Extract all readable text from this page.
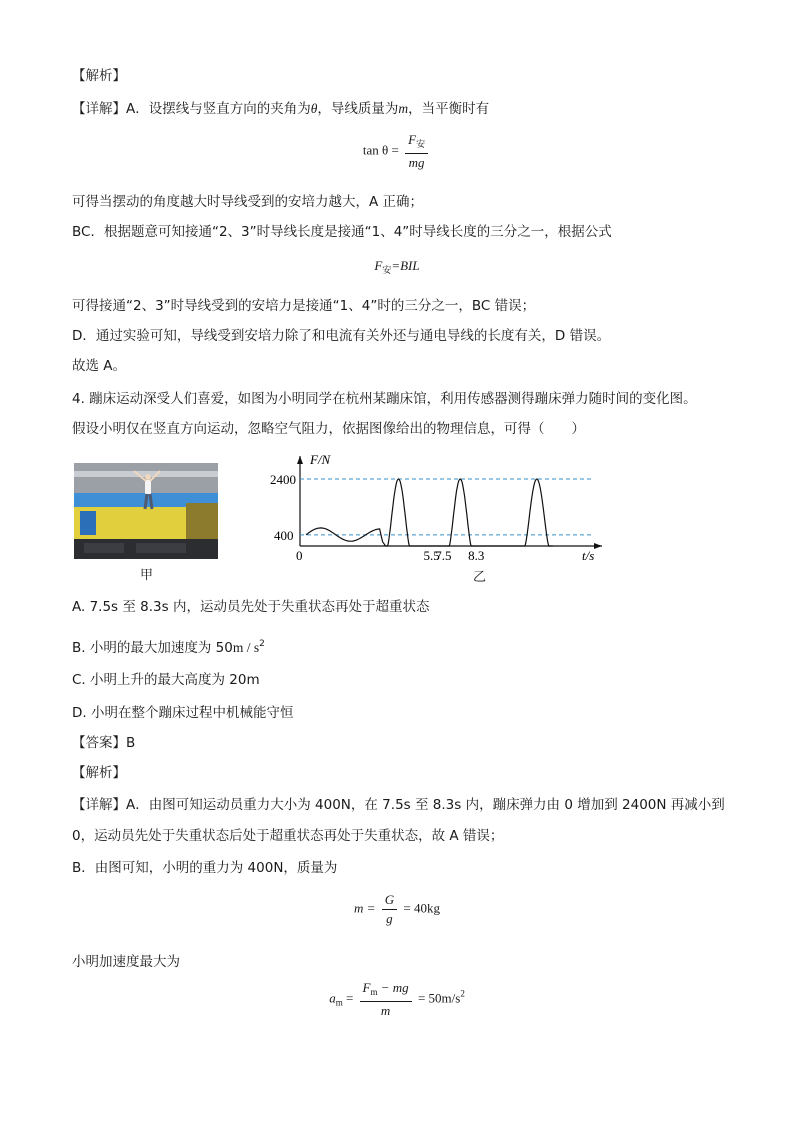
【解析】
【详解】A．设摆线与竖直方向的夹角为θ，导线质量为m，当平衡时有
$\tan \theta = \frac{F_安}{mg}$
可得当摆动的角度越大时导线受到的安培力越大，A 正确；
BC．根据题意可知接通“2、3”时导线长度是接通“1、4”时导线长度的三分之一，根据公式
$F_安=BIL$
可得接通“2、3”时导线受到的安培力是接通“1、4”时的三分之一，BC 错误；
D．通过实验可知，导线受到安培力除了和电流有关外还与通电导线的长度有关，D 错误。
故选 A。
4. 蹦床运动深受人们喜爱，如图为小明同学在杭州某蹦床馆，利用传感器测得蹦床弹力随时间的变化图。
假设小明仅在竖直方向运动，忽略空气阻力，依据图像给出的物理信息，可得（　　）
甲
F/N
t/s
2400
400
0	5.5
7.5 8.3
乙
A. 7.5s 至 8.3s 内，运动员先处于失重状态再处于超重状态
B. 小明的最大加速度为 $50m / s^2$
C. 小明上升的最大高度为 20m
D. 小明在整个蹦床过程中机械能守恒
【答案】B
【解析】
【详解】A．由图可知运动员重力大小为 400N，在 7.5s 至 8.3s 内，蹦床弹力由 0 增加到 2400N 再减小到
0，运动员先处于失重状态后处于超重状态再处于失重状态，故 A 错误；
B．由图可知，小明的重力为 400N，质量为
$m = \frac{G}{g} = 40kg$
小明加速度最大为
$a_m = \frac{F_m - mg}{m} = 50m/s^2$
